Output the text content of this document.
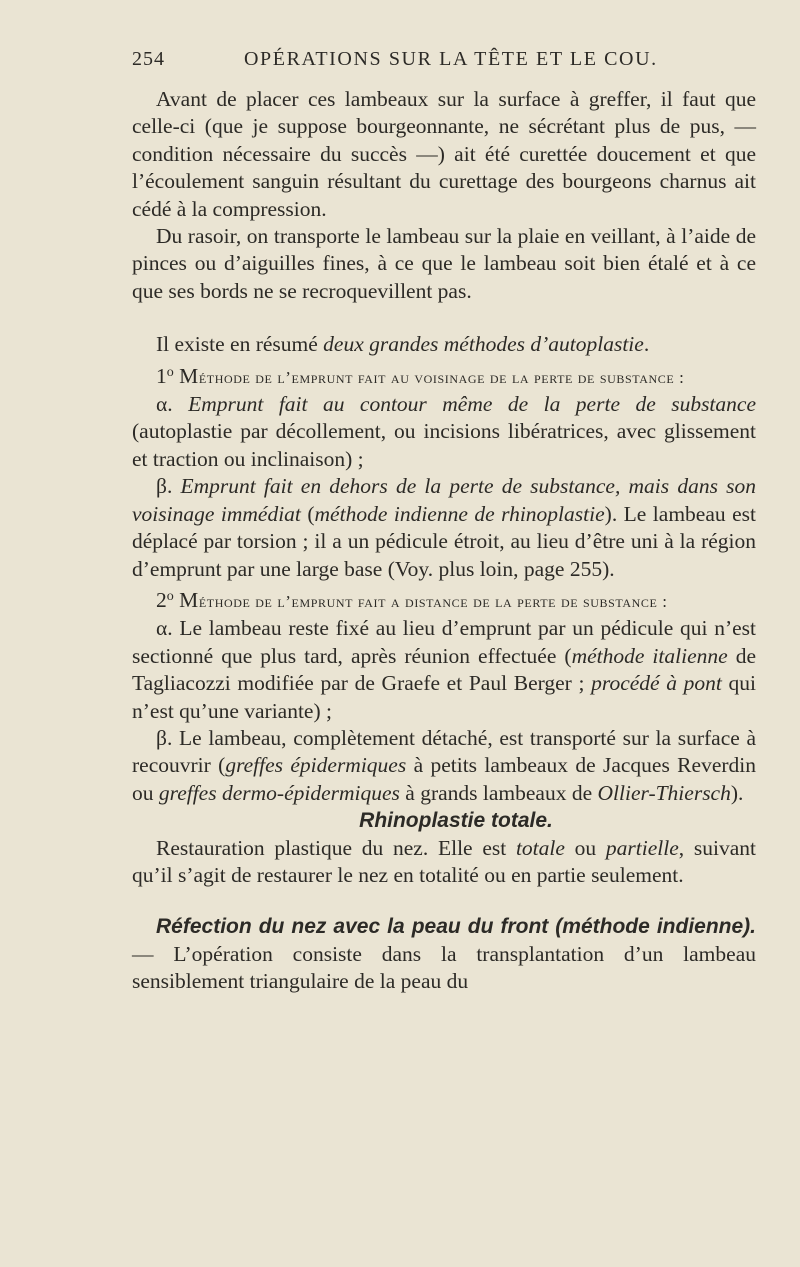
254	OPÉRATIONS SUR LA TÊTE ET LE COU.

Avant de placer ces lambeaux sur la surface à greffer, il faut que celle-ci (que je suppose bourgeonnante, ne sécrétant plus de pus, — condition nécessaire du succès —) ait été curettée doucement et que l’écoulement sanguin résultant du curettage des bourgeons charnus ait cédé à la compression.

Du rasoir, on transporte le lambeau sur la plaie en veillant, à l’aide de pinces ou d’aiguilles fines, à ce que le lambeau soit bien étalé et à ce que ses bords ne se recroquevillent pas.

Il existe en résumé deux grandes méthodes d’autoplastie.

1$^o$ Méthode de l’emprunt fait au voisinage de la perte de substance :

α. Emprunt fait au contour même de la perte de substance (autoplastie par décollement, ou incisions libératrices, avec glissement et traction ou inclinaison) ;

β. Emprunt fait en dehors de la perte de substance, mais dans son voisinage immédiat (méthode indienne de rhinoplastie). Le lambeau est déplacé par torsion ; il a un pédicule étroit, au lieu d’être uni à la région d’emprunt par une large base (Voy. plus loin, page 255).

2$^o$ Méthode de l’emprunt fait a distance de la perte de substance :

α. Le lambeau reste fixé au lieu d’emprunt par un pédicule qui n’est sectionné que plus tard, après réunion effectuée (méthode italienne de Tagliacozzi modifiée par de Graefe et Paul Berger ; procédé à pont qui n’est qu’une variante) ;

β. Le lambeau, complètement détaché, est transporté sur la surface à recouvrir (greffes épidermiques à petits lambeaux de Jacques Reverdin ou greffes dermo-épidermiques à grands lambeaux de Ollier-Thiersch).

Rhinoplastie totale.

Restauration plastique du nez. Elle est totale ou partielle, suivant qu’il s’agit de restaurer le nez en totalité ou en partie seulement.

Réfection du nez avec la peau du front (méthode indienne). — L’opération consiste dans la transplantation d’un lambeau sensiblement triangulaire de la peau du
